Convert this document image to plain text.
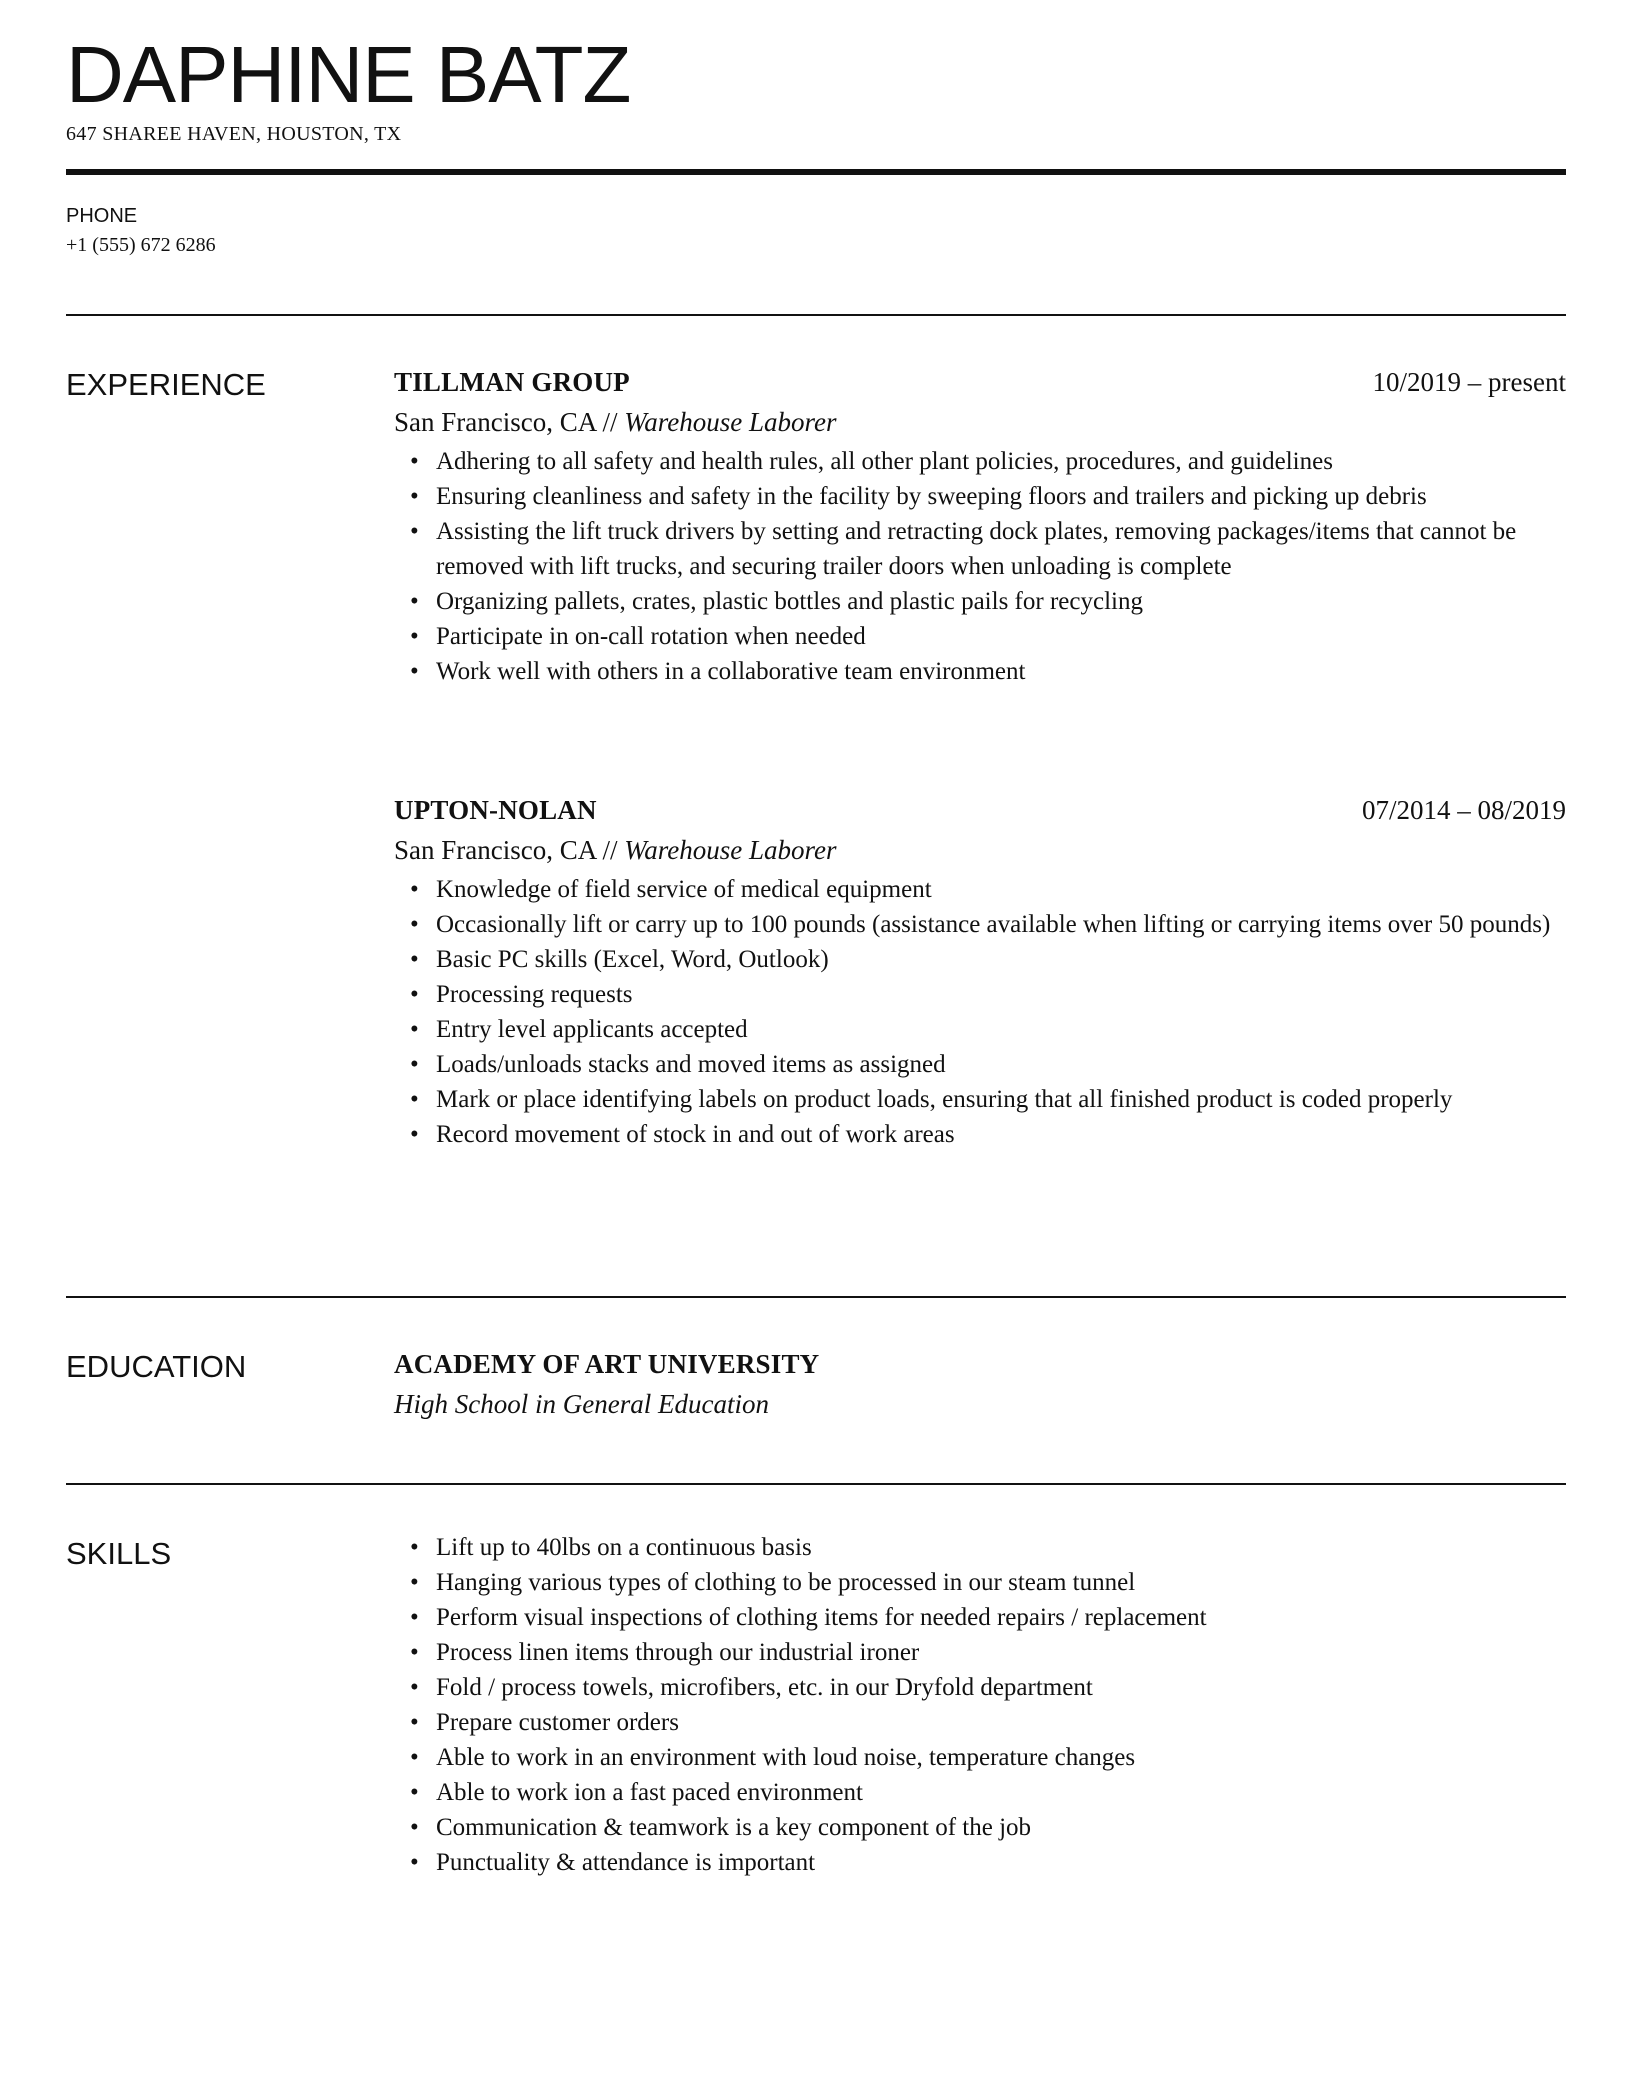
DAPHINE BATZ
647 SHAREE HAVEN, HOUSTON, TX
PHONE
+1 (555) 672 6286
EXPERIENCE	TILLMAN GROUP	10/2019 – present
San Francisco, CA // Warehouse Laborer
• Adhering to all safety and health rules, all other plant policies, procedures, and guidelines
• Ensuring cleanliness and safety in the facility by sweeping floors and trailers and picking up debris
• Assisting the lift truck drivers by setting and retracting dock plates, removing packages/items that cannot be removed with lift trucks, and securing trailer doors when unloading is complete
• Organizing pallets, crates, plastic bottles and plastic pails for recycling
• Participate in on-call rotation when needed
• Work well with others in a collaborative team environment
UPTON-NOLAN	07/2014 – 08/2019
San Francisco, CA // Warehouse Laborer
• Knowledge of field service of medical equipment
• Occasionally lift or carry up to 100 pounds (assistance available when lifting or carrying items over 50 pounds)
• Basic PC skills (Excel, Word, Outlook)
• Processing requests
• Entry level applicants accepted
• Loads/unloads stacks and moved items as assigned
• Mark or place identifying labels on product loads, ensuring that all finished product is coded properly
• Record movement of stock in and out of work areas
EDUCATION	ACADEMY OF ART UNIVERSITY
High School in General Education
SKILLS
•	Lift up to 40lbs on a continuous basis
• Hanging various types of clothing to be processed in our steam tunnel
• Perform visual inspections of clothing items for needed repairs / replacement
• Process linen items through our industrial ironer
• Fold / process towels, microfibers, etc. in our Dryfold department
• Prepare customer orders
• Able to work in an environment with loud noise, temperature changes
• Able to work ion a fast paced environment
• Communication & teamwork is a key component of the job
• Punctuality & attendance is important
